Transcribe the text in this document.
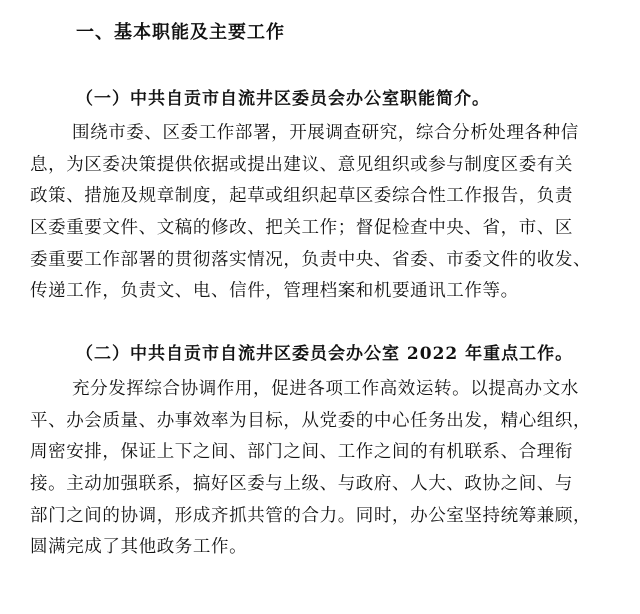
一、基本职能及主要工作
（一）中共自贡市自流井区委员会办公室职能简介。
围绕市委、区委工作部署，开展调查研究，综合分析处理各种信
息，为区委决策提供依据或提出建议、意见组织或参与制度区委有关
政策、措施及规章制度，起草或组织起草区委综合性工作报告，负责
区委重要文件、文稿的修改、把关工作；督促检查中央、省，市、区
委重要工作部署的贯彻落实情况，负责中央、省委、市委文件的收发、
传递工作，负责文、电、信件，管理档案和机要通讯工作等。
（二）中共自贡市自流井区委员会办公室 2022 年重点工作。
充分发挥综合协调作用，促进各项工作高效运转。以提高办文水
平、办会质量、办事效率为目标，从党委的中心任务出发，精心组织，
周密安排，保证上下之间、部门之间、工作之间的有机联系、合理衔
接。主动加强联系，搞好区委与上级、与政府、人大、政协之间、与
部门之间的协调，形成齐抓共管的合力。同时，办公室坚持统筹兼顾，
圆满完成了其他政务工作。
